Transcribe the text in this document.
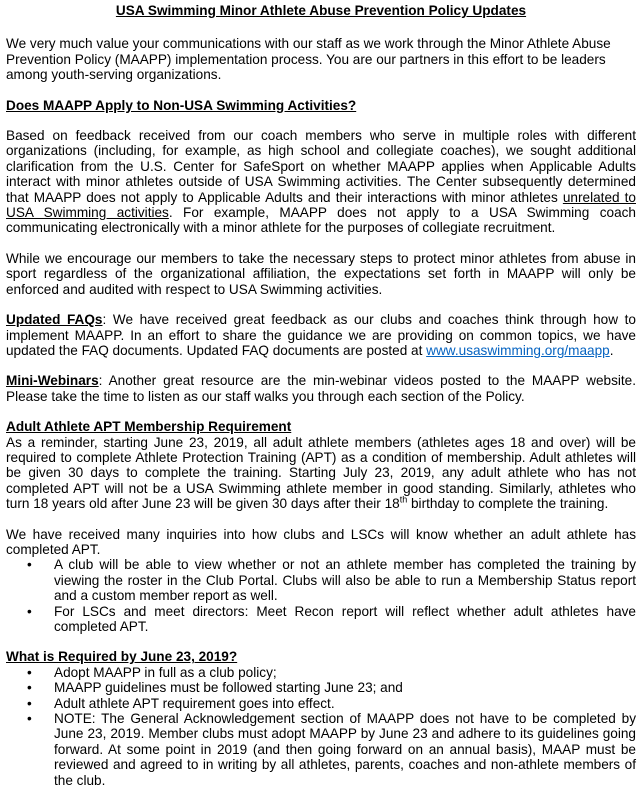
USA Swimming Minor Athlete Abuse Prevention Policy Updates

We very much value your communications with our staff as we work through the Minor Athlete Abuse Prevention Policy (MAAPP) implementation process. You are our partners in this effort to be leaders among youth-serving organizations.

Does MAAPP Apply to Non-USA Swimming Activities?

Based on feedback received from our coach members who serve in multiple roles with different organizations (including, for example, as high school and collegiate coaches), we sought additional clarification from the U.S. Center for SafeSport on whether MAAPP applies when Applicable Adults interact with minor athletes outside of USA Swimming activities. The Center subsequently determined that MAAPP does not apply to Applicable Adults and their interactions with minor athletes unrelated to USA Swimming activities. For example, MAAPP does not apply to a USA Swimming coach communicating electronically with a minor athlete for the purposes of collegiate recruitment.

While we encourage our members to take the necessary steps to protect minor athletes from abuse in sport regardless of the organizational affiliation, the expectations set forth in MAAPP will only be enforced and audited with respect to USA Swimming activities.

Updated FAQs: We have received great feedback as our clubs and coaches think through how to implement MAAPP. In an effort to share the guidance we are providing on common topics, we have updated the FAQ documents. Updated FAQ documents are posted at www.usaswimming.org/maapp.

Mini-Webinars: Another great resource are the min-webinar videos posted to the MAAPP website. Please take the time to listen as our staff walks you through each section of the Policy.

Adult Athlete APT Membership Requirement

As a reminder, starting June 23, 2019, all adult athlete members (athletes ages 18 and over) will be required to complete Athlete Protection Training (APT) as a condition of membership. Adult athletes will be given 30 days to complete the training. Starting July 23, 2019, any adult athlete who has not completed APT will not be a USA Swimming athlete member in good standing. Similarly, athletes who turn 18 years old after June 23 will be given 30 days after their 18th birthday to complete the training.

We have received many inquiries into how clubs and LSCs will know whether an adult athlete has completed APT.

• A club will be able to view whether or not an athlete member has completed the training by viewing the roster in the Club Portal. Clubs will also be able to run a Membership Status report and a custom member report as well.
• For LSCs and meet directors: Meet Recon report will reflect whether adult athletes have completed APT.

What is Required by June 23, 2019?

• Adopt MAAPP in full as a club policy;
• MAAPP guidelines must be followed starting June 23; and
• Adult athlete APT requirement goes into effect.
• NOTE: The General Acknowledgement section of MAAPP does not have to be completed by June 23, 2019. Member clubs must adopt MAAPP by June 23 and adhere to its guidelines going forward. At some point in 2019 (and then going forward on an annual basis), MAAP must be reviewed and agreed to in writing by all athletes, parents, coaches and non-athlete members of the club.
